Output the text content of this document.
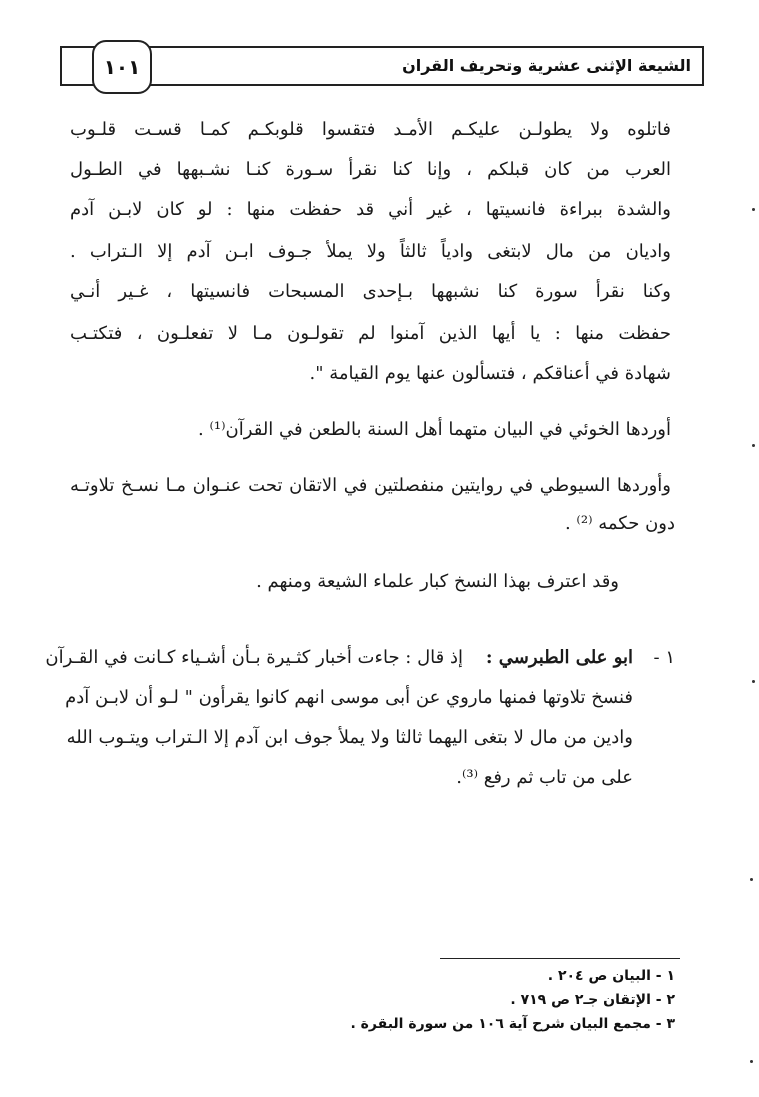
الشيعة الإثنى عشرية وتحريف القران
١٠١
فاتلوه ولا يطولـن عليكـم الأمـد فتقسوا قلوبكـم كمـا قسـت قلـوب
العرب من كان قبلكم ، وإنا كنا نقرأ سـورة كنـا نشـبهها في الطـول
والشدة ببراءة فانسيتها ، غير أني قد حفظت منها : لو كان لابـن آدم
واديان من مال لابتغى وادياً ثالثاً ولا يملأ جـوف ابـن آدم إلا الـتراب .
وكنا نقرأ سورة كنا نشبهها بـإحدى المسبحات فانسيتها ، غـير أنـي
حفظت منها : يا أيها الذين آمنوا لم تقولـون مـا لا تفعلـون ، فتكتـب
شهادة في أعناقكم ، فتسألون عنها يوم القيامة ".
أوردها الخوئي في البيان متهما أهل السنة بالطعن في القرآن⁽¹⁾ .
وأوردها السيوطي في روايتين منفصلتين في الاتقان تحت عنـوان مـا نسـخ تلاوتـه
دون حكمه ⁽²⁾ .
وقد اعترف بهذا النسخ كبار علماء الشيعة ومنهم .
١ -
ابو على الطبرسي :
إذ قال : جاءت أخبار كثـيرة بـأن أشـياء كـانت في القـرآن
فنسخ تلاوتها فمنها ماروي عن أبى موسى انهم كانوا يقرأون " لـو أن لابـن آدم
وادين من مال لا بتغى اليهما ثالثا ولا يملأ جوف ابن آدم إلا الـتراب ويتـوب الله
على من تاب ثم رفع ⁽³⁾.
١ - البيان ص ٢٠٤ .
٢ - الإتقان جـ٢ ص ٧١٩ .
٣ - مجمع البيان شرح آية ١٠٦ من سورة البقرة .
